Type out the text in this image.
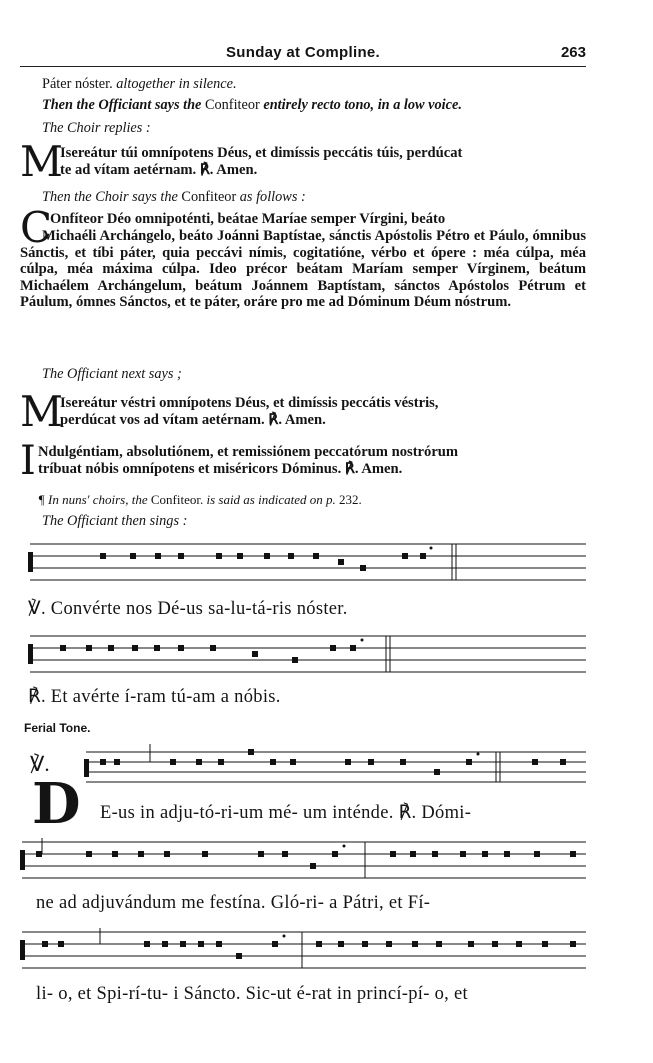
Sunday at Compline.	263
Páter nóster. altogether in silence.
Then the Officiant says the Confiteor entirely recto tono, in a low voice.
The Choir replies :
M
Isereátur túi omnípotens Déus, et dimíssis peccátis túis, perdúcat
te ad vítam aetérnam. ℟. Amen.
Then the Choir says the Confiteor as follows :
C
Onfíteor Déo omnipoténti, beátae Maríae semper Vírgini, beáto
Michaéli Archángelo, beáto Joánni Baptístae, sánctis Apóstolis Pétro et Páulo, ómnibus Sánctis, et tíbi páter, quia peccávi nímis, cogitatióne, vérbo et ópere : méa cúlpa, méa cúlpa, méa máxima cúlpa. Ideo précor beátam Maríam semper Vírginem, beátum Michaélem Archángelum, beátum Joánnem Baptístam, sánctos Apóstolos Pétrum et Páulum, ómnes Sánctos, et te páter, oráre pro me ad Dóminum Déum nóstrum.
The Officiant next says ;
M
Isereátur véstri omnípotens Déus, et dimíssis peccátis véstris,
perdúcat vos ad vítam aetérnam. ℟. Amen.
I Ndulgéntiam, absolutiónem, et remissiónem peccatórum nostrórum
tríbuat nóbis omnípotens et miséricors Dóminus. ℟. Amen.
¶ In nuns' choirs, the Confiteor. is said as indicated on p. 232.
The Officiant then sings :
℣. Convérte nos Dé-us sa-lu-tá-ris nóster.
℟. Et avérte í-ram tú-am a nóbis.
Ferial Tone.
℣.
D E-us in adju-tó-ri-um mé- um inténde. ℟. Dómi-
ne ad adjuvándum me festína. Gló-ri- a Pátri, et Fí-
li- o, et Spi-rí-tu- i Sáncto. Sic-ut é-rat in princí-pí- o, et
